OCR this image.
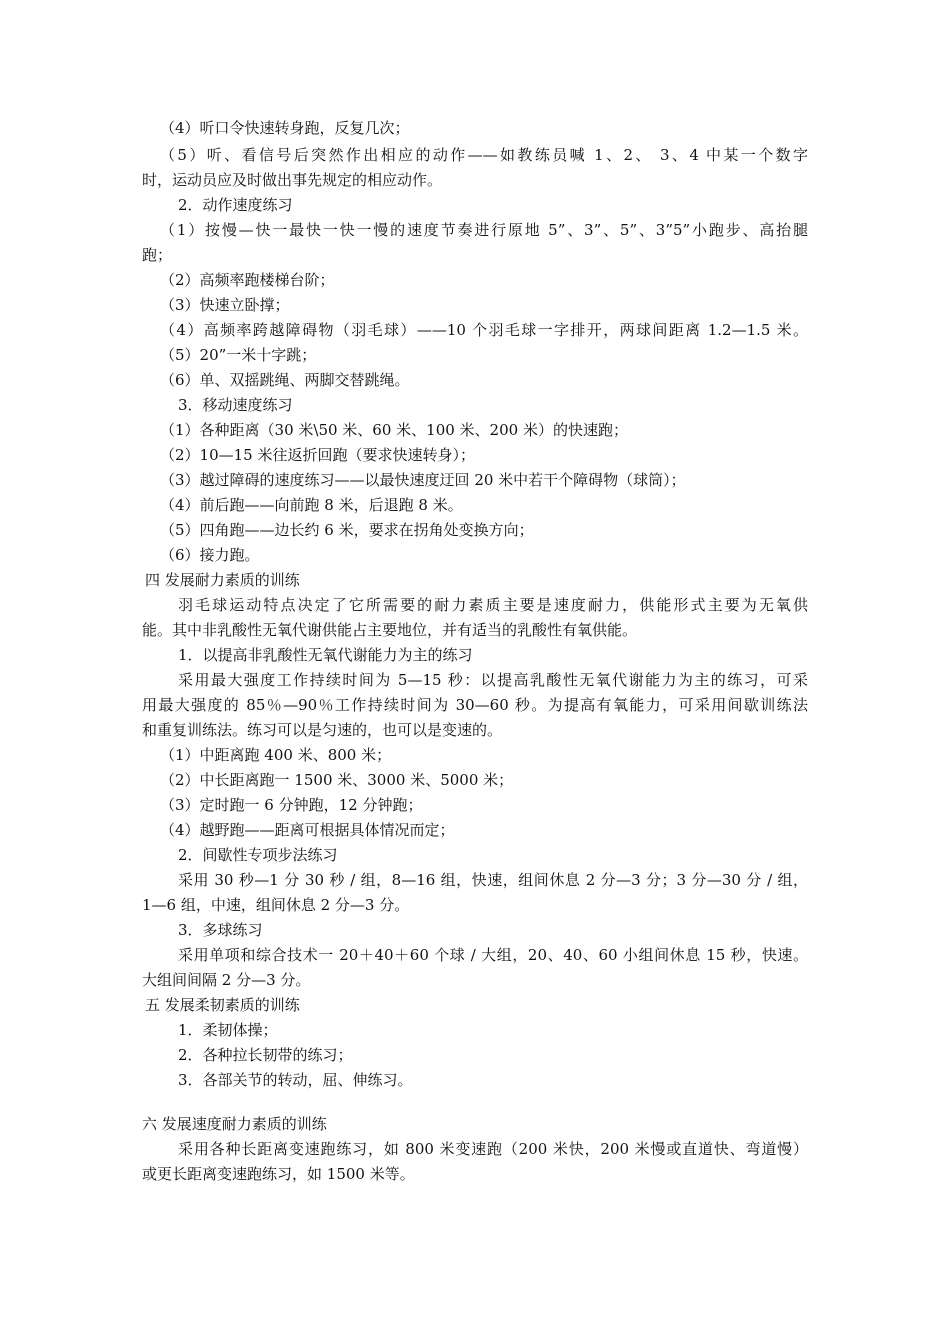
（4）听口令快速转身跑，反复几次；
（5）听、看信号后突然作出相应的动作——如教练员喊 1、2、 3、4 中某一个数字
时，运动员应及时做出事先规定的相应动作。
2．动作速度练习
（1）按慢—快一最快一快一慢的速度节奏进行原地 5”、3”、5”、3”5”小跑步、高抬腿
跑；
（2）高频率跑楼梯台阶；
（3）快速立卧撑；
（4）高频率跨越障碍物（羽毛球）——10 个羽毛球一字排开，两球间距离 1.2—1.5 米。
（5）20”一米十字跳；
（6）单、双摇跳绳、两脚交替跳绳。
3．移动速度练习
（1）各种距离（30 米\50 米、60 米、100 米、200 米）的快速跑；
（2）10—15 米往返折回跑（要求快速转身）；
（3）越过障碍的速度练习——以最快速度迂回 20 米中若干个障碍物（球筒）；
（4）前后跑——向前跑 8 米，后退跑 8 米。
（5）四角跑——边长约 6 米，要求在拐角处变换方向；
（6）接力跑。
四 发展耐力素质的训练
羽毛球运动特点决定了它所需要的耐力素质主要是速度耐力，供能形式主要为无氧供
能。其中非乳酸性无氧代谢供能占主要地位，并有适当的乳酸性有氧供能。
1．以提高非乳酸性无氧代谢能力为主的练习
采用最大强度工作持续时间为 5—15 秒：以提高乳酸性无氧代谢能力为主的练习，可采
用最大强度的 85％—90％工作持续时间为 30—60 秒。为提高有氧能力，可采用间歇训练法
和重复训练法。练习可以是匀速的，也可以是变速的。
（1）中距离跑 400 米、800 米；
（2）中长距离跑一 1500 米、3000 米、5000 米；
（3）定时跑一 6 分钟跑，12 分钟跑；
（4）越野跑——距离可根据具体情况而定；
2．间歇性专项步法练习
采用 30 秒—1 分 30 秒 / 组，8—16 组，快速，组间休息 2 分—3 分；3 分—30 分 / 组，
1—6 组，中速，组间休息 2 分—3 分。
3．多球练习
采用单项和综合技术一 20＋40＋60 个球 / 大组，20、40、60 小组间休息 15 秒，快速。
大组间间隔 2 分—3 分。
五 发展柔韧素质的训练
1．柔韧体操；
2．各种拉长韧带的练习；
3．各部关节的转动，屈、伸练习。
六 发展速度耐力素质的训练
采用各种长距离变速跑练习，如 800 米变速跑（200 米快，200 米慢或直道快、弯道慢）
或更长距离变速跑练习，如 1500 米等。
